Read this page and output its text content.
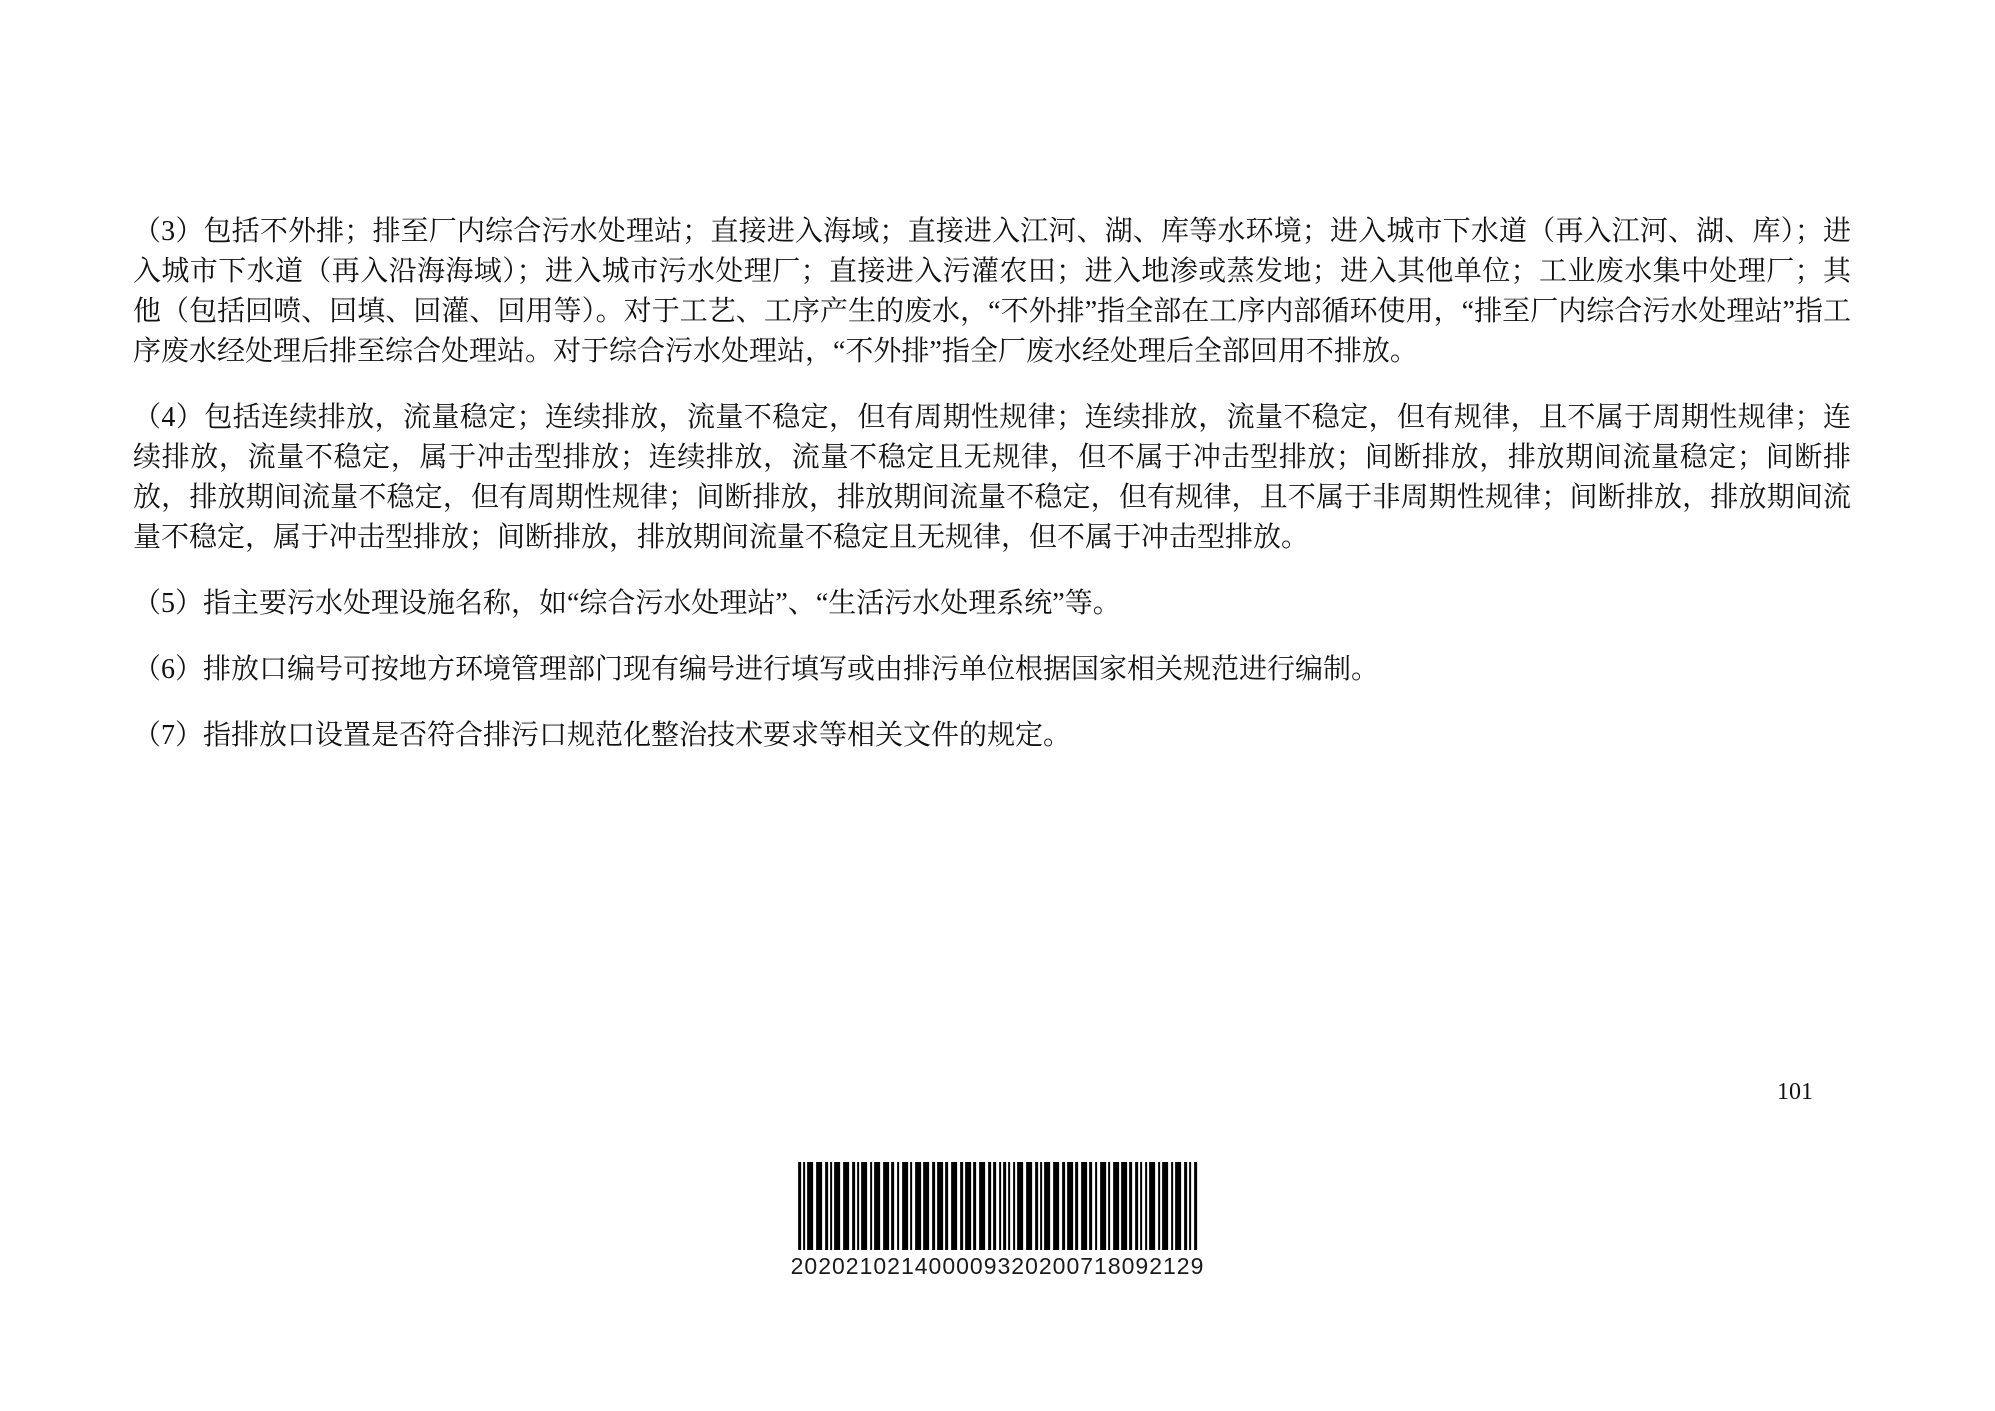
（3）包括不外排；排至厂内综合污水处理站；直接进入海域；直接进入江河、湖、库等水环境；进入城市下水道（再入江河、湖、库）；进入城市下水道（再入沿海海域）；进入城市污水处理厂；直接进入污灌农田；进入地渗或蒸发地；进入其他单位；工业废水集中处理厂；其他（包括回喷、回填、回灌、回用等）。对于工艺、工序产生的废水，“不外排”指全部在工序内部循环使用，“排至厂内综合污水处理站”指工序废水经处理后排至综合处理站。对于综合污水处理站，“不外排”指全厂废水经处理后全部回用不排放。

（4）包括连续排放，流量稳定；连续排放，流量不稳定，但有周期性规律；连续排放，流量不稳定，但有规律，且不属于周期性规律；连续排放，流量不稳定，属于冲击型排放；连续排放，流量不稳定且无规律，但不属于冲击型排放；间断排放，排放期间流量稳定；间断排放，排放期间流量不稳定，但有周期性规律；间断排放，排放期间流量不稳定，但有规律，且不属于非周期性规律；间断排放，排放期间流量不稳定，属于冲击型排放；间断排放，排放期间流量不稳定且无规律，但不属于冲击型排放。

（5）指主要污水处理设施名称，如“综合污水处理站”、“生活污水处理系统”等。

（6）排放口编号可按地方环境管理部门现有编号进行填写或由排污单位根据国家相关规范进行编制。

（7）指排放口设置是否符合排污口规范化整治技术要求等相关文件的规定。

101
202021021400009320200718092129
